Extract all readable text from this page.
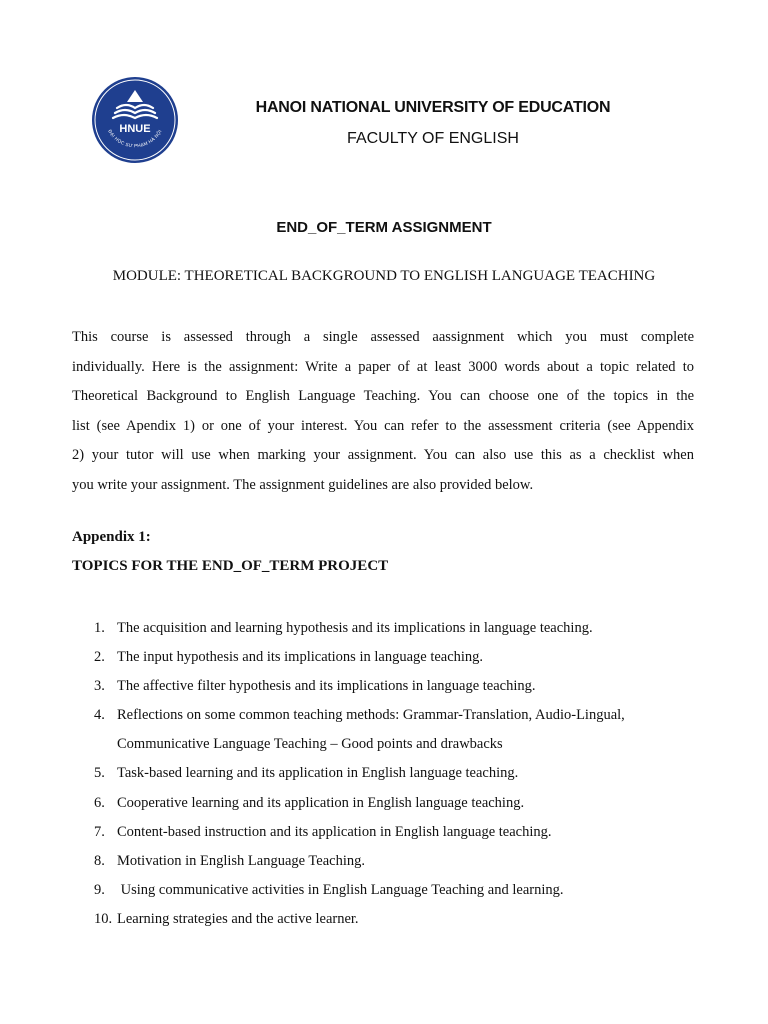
HNUE
ĐẠI HỌC SƯ PHẠM HÀ NỘI
HANOI NATIONAL UNIVERSITY OF EDUCATION
FACULTY OF ENGLISH
END_OF_TERM ASSIGNMENT
MODULE: THEORETICAL BACKGROUND TO ENGLISH LANGUAGE TEACHING
This course is assessed through a single assessed aassignment which you must complete
individually. Here is the assignment: Write a paper of at least 3000 words about a topic related to
Theoretical Background to English Language Teaching. You can choose one of the topics in the
list (see Apendix 1) or one of your interest. You can refer to the assessment criteria (see Appendix
2) your tutor will use when marking your assignment. You can also use this as a checklist when
you write your assignment. The assignment guidelines are also provided below.
Appendix 1:
TOPICS FOR THE END_OF_TERM PROJECT
1. The acquisition and learning hypothesis and its implications in language teaching.
2. The input hypothesis and its implications in language teaching.
3. The affective filter hypothesis and its implications in language teaching.
4. Reflections on some common teaching methods: Grammar-Translation, Audio-Lingual,
Communicative Language Teaching – Good points and drawbacks
5. Task-based learning and its application in English language teaching.
6. Cooperative learning and its application in English language teaching.
7. Content-based instruction and its application in English language teaching.
8. Motivation in English Language Teaching.
9. Using communicative activities in English Language Teaching and learning.
10. Learning strategies and the active learner.
